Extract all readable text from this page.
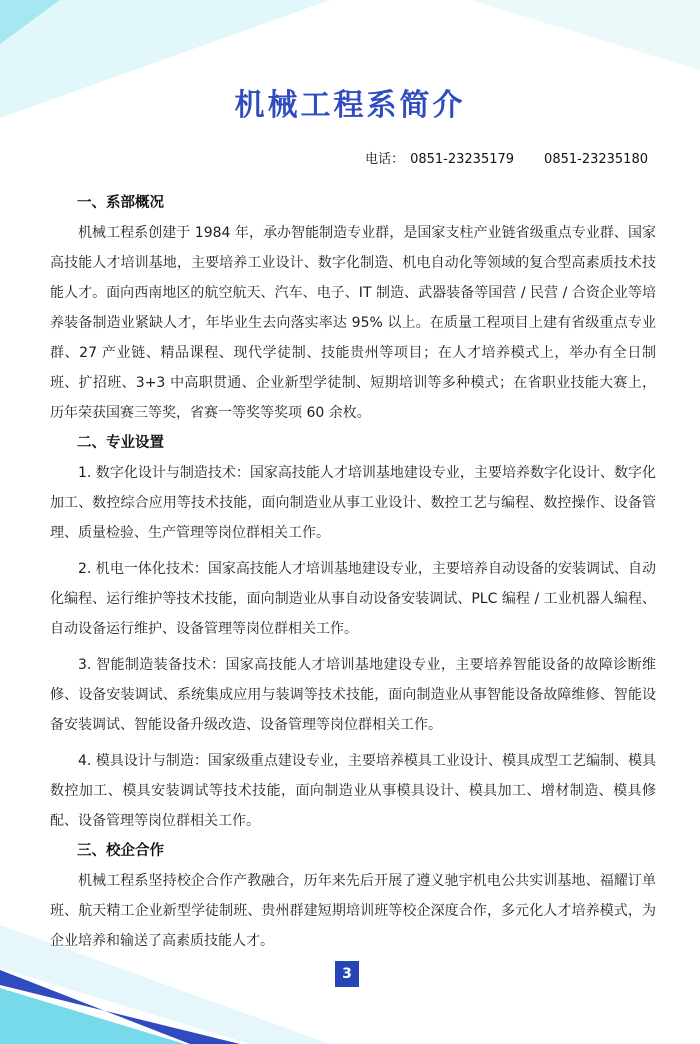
机械工程系简介
电话： 0851-23235179 0851-23235180
一、系部概况

机械工程系创建于 1984 年，承办智能制造专业群，是国家支柱产业链省级重点专业群、国家高技能人才培训基地，主要培养工业设计、数字化制造、机电自动化等领域的复合型高素质技术技能人才。面向西南地区的航空航天、汽车、电子、IT 制造、武器装备等国营 / 民营 / 合资企业等培养装备制造业紧缺人才，年毕业生去向落实率达 95% 以上。在质量工程项目上建有省级重点专业群、27 产业链、精品课程、现代学徒制、技能贵州等项目；在人才培养模式上，举办有全日制班、扩招班、3+3 中高职贯通、企业新型学徒制、短期培训等多种模式；在省职业技能大赛上，历年荣获国赛三等奖，省赛一等奖等奖项 60 余枚。

二、专业设置

1. 数字化设计与制造技术：国家高技能人才培训基地建设专业，主要培养数字化设计、数字化加工、数控综合应用等技术技能，面向制造业从事工业设计、数控工艺与编程、数控操作、设备管理、质量检验、生产管理等岗位群相关工作。

2. 机电一体化技术：国家高技能人才培训基地建设专业，主要培养自动设备的安装调试、自动化编程、运行维护等技术技能，面向制造业从事自动设备安装调试、PLC 编程 / 工业机器人编程、自动设备运行维护、设备管理等岗位群相关工作。

3. 智能制造装备技术：国家高技能人才培训基地建设专业，主要培养智能设备的故障诊断维修、设备安装调试、系统集成应用与装调等技术技能，面向制造业从事智能设备故障维修、智能设备安装调试、智能设备升级改造、设备管理等岗位群相关工作。

4. 模具设计与制造：国家级重点建设专业，主要培养模具工业设计、模具成型工艺编制、模具数控加工、模具安装调试等技术技能，面向制造业从事模具设计、模具加工、增材制造、模具修配、设备管理等岗位群相关工作。

三、校企合作

机械工程系坚持校企合作产教融合，历年来先后开展了遵义驰宇机电公共实训基地、福耀订单班、航天精工企业新型学徒制班、贵州群建短期培训班等校企深度合作，多元化人才培养模式，为企业培养和输送了高素质技能人才。

3
